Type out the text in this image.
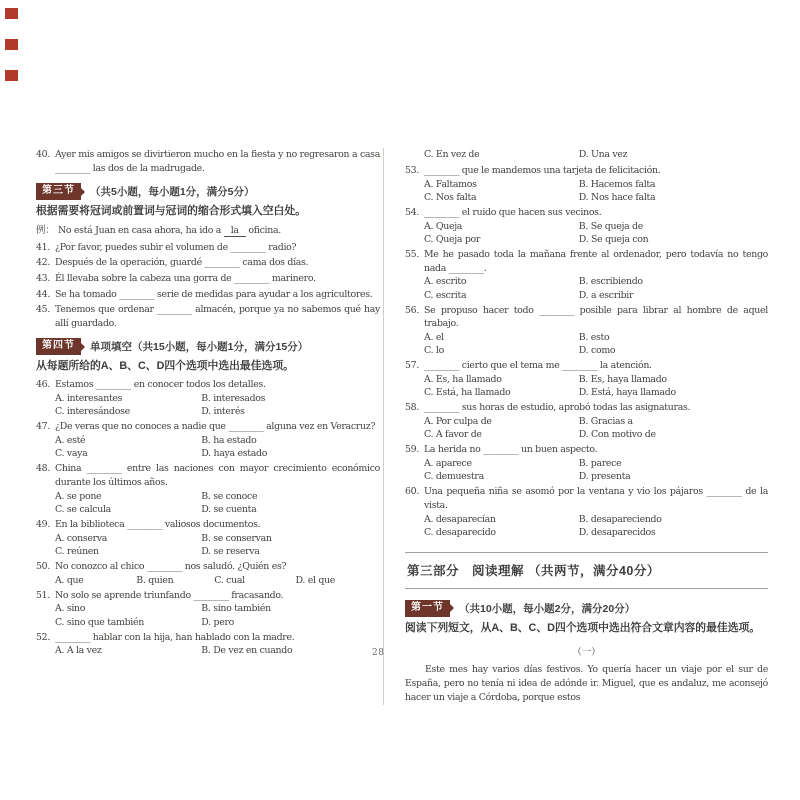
40. Ayer mis amigos se divirtieron mucho en la fiesta y no regresaron a casa ________ las dos de la madrugade.
第三节	（共5小题，每小题1分，满分5分）
根据需要将冠词或前置词与冠词的缩合形式填入空白处。
例： No está Juan en casa ahora, ha ido a la oficina.
41. ¿Por favor, puedes subir el volumen de ________ radio?
42. Después de la operación, guardé ________ cama dos días.
43. Él llevaba sobre la cabeza una gorra de ________ marinero.
44. Se ha tomado ________ serie de medidas para ayudar a los agricultores.
45. Tenemos que ordenar ________ almacén, porque ya no sabemos qué hay allí guardado.
第四节	单项填空（共15小题，每小题1分，满分15分）
从每题所给的A、B、C、D四个选项中选出最佳选项。
46. Estamos ________ en conocer todos los detalles.
A. interesantes	B. interesados
C. interesándose	D. interés
47. ¿De veras que no conoces a nadie que ________ alguna vez en Veracruz?
A. esté	B. ha estado
C. vaya	D. haya estado
48. China ________ entre las naciones con mayor crecimiento económico durante los últimos años.
A. se pone	B. se conoce
C. se calcula	D. se cuenta
49. En la biblioteca ________ valiosos documentos.
A. conserva	B. se conservan
C. reúnen	D. se reserva
50. No conozco al chico ________ nos saludó. ¿Quién es?
A. que	B. quien	C. cual	D. el que
51. No solo se aprende triunfando ________ fracasando.
A. sino	B. sino también
C. sino que también	D. pero
52. ________ hablar con la hija, han hablado con la madre.
A. A la vez	B. De vez en cuando
C. En vez de	D. Una vez
53. ________ que le mandemos una tarjeta de felicitación.
A. Faltamos	B. Hacemos falta
C. Nos falta	D. Nos hace falta
54. ________ el ruido que hacen sus vecinos.
A. Queja	B. Se queja de
C. Queja por	D. Se queja con
55. Me he pasado toda la mañana frente al ordenador, pero todavía no tengo nada ________.
A. escrito	B. escribiendo
C. escrita	D. a escribir
56. Se propuso hacer todo ________ posible para librar al hombre de aquel trabajo.
A. el	B. esto
C. lo	D. como
57. ________ cierto que el tema me ________ la atención.
A. Es, ha llamado	B. Es, haya llamado
C. Está, ha llamado	D. Está, haya llamado
58. ________ sus horas de estudio, aprobó todas las asignaturas.
A. Por culpa de	B. Gracias a
C. A favor de	D. Con motivo de
59. La herida no ________ un buen aspecto.
A. aparece	B. parece
C. demuestra	D. presenta
60. Una pequeña niña se asomó por la ventana y vio los pájaros ________ de la vista.
A. desaparecían	B. desapareciendo
C. desaparecido	D. desaparecidos
第三部分　阅读理解 （共两节，满分40分）
第一节	（共10小题，每小题2分，满分20分）
阅读下列短文，从A、B、C、D四个选项中选出符合文章内容的最佳选项。
（一）
Este mes hay varios días festivos. Yo quería hacer un viaje por el sur de España, pero no tenía ni idea de adónde ir. Miguel, que es andaluz, me aconsejó hacer un viaje a Córdoba, porque estos
28
